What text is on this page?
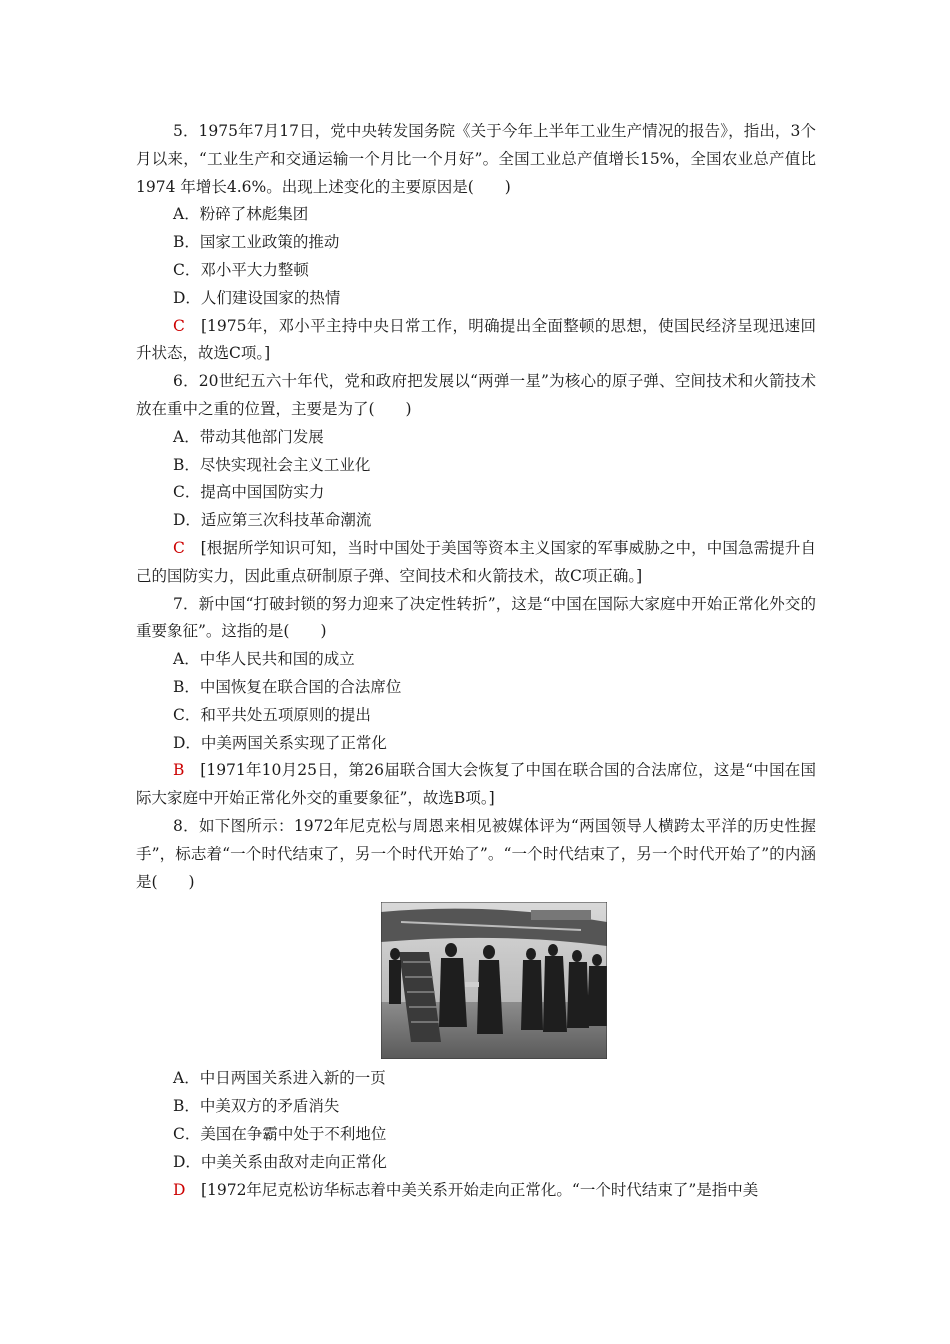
5．1975年7月17日，党中央转发国务院《关于今年上半年工业生产情况的报告》，指出，3个月以来，“工业生产和交通运输一个月比一个月好”。全国工业总产值增长15%，全国农业总产值比1974 年增长4.6%。出现上述变化的主要原因是(　　)

A．粉碎了林彪集团

B．国家工业政策的推动

C．邓小平大力整顿

D．人们建设国家的热情

C　[1975年，邓小平主持中央日常工作，明确提出全面整顿的思想，使国民经济呈现迅速回升状态，故选C项。]

6．20世纪五六十年代，党和政府把发展以“两弹一星”为核心的原子弹、空间技术和火箭技术放在重中之重的位置，主要是为了(　　)

A．带动其他部门发展

B．尽快实现社会主义工业化

C．提高中国国防实力

D．适应第三次科技革命潮流

C　[根据所学知识可知，当时中国处于美国等资本主义国家的军事威胁之中，中国急需提升自己的国防实力，因此重点研制原子弹、空间技术和火箭技术，故C项正确。]

7．新中国“打破封锁的努力迎来了决定性转折”，这是“中国在国际大家庭中开始正常化外交的重要象征”。这指的是(　　)

A．中华人民共和国的成立

B．中国恢复在联合国的合法席位

C．和平共处五项原则的提出

D．中美两国关系实现了正常化

B　[1971年10月25日，第26届联合国大会恢复了中国在联合国的合法席位，这是“中国在国际大家庭中开始正常化外交的重要象征”，故选B项。]

8．如下图所示：1972年尼克松与周恩来相见被媒体评为“两国领导人横跨太平洋的历史性握手”，标志着“一个时代结束了，另一个时代开始了”。“一个时代结束了，另一个时代开始了”的内涵是(　　)

A．中日两国关系进入新的一页

B．中美双方的矛盾消失

C．美国在争霸中处于不利地位

D．中美关系由敌对走向正常化

D　[1972年尼克松访华标志着中美关系开始走向正常化。“一个时代结束了”是指中美
